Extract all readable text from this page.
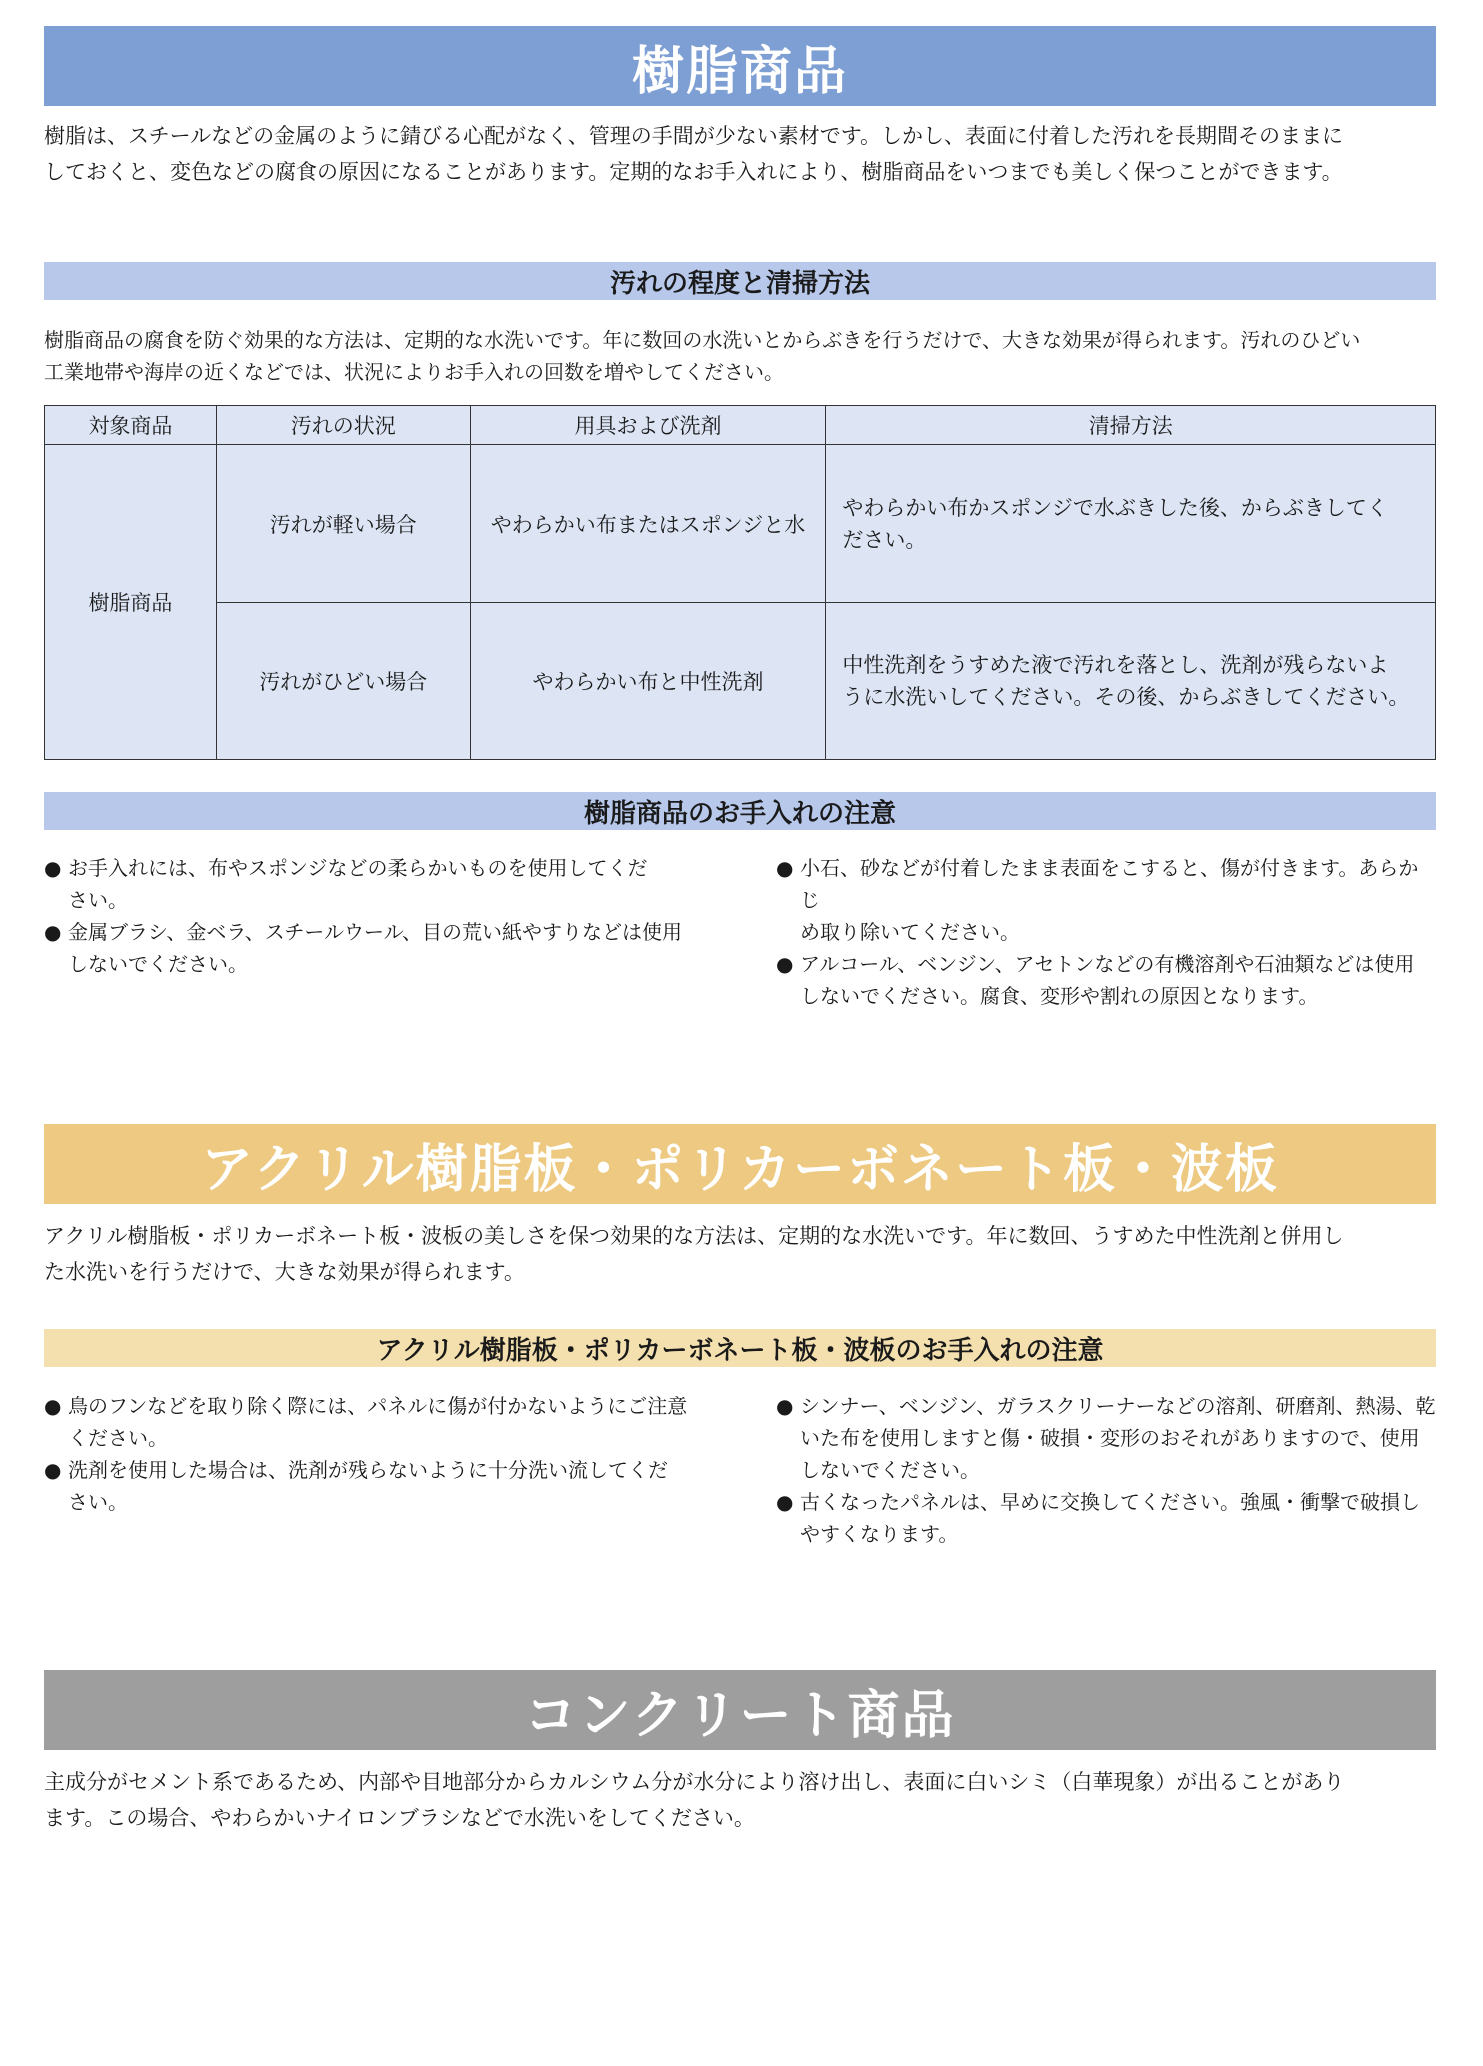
樹脂商品

樹脂は、スチールなどの金属のように錆びる心配がなく、管理の手間が少ない素材です。しかし、表面に付着した汚れを長期間そのままに
しておくと、変色などの腐食の原因になることがあります。定期的なお手入れにより、樹脂商品をいつまでも美しく保つことができます。

汚れの程度と清掃方法

樹脂商品の腐食を防ぐ効果的な方法は、定期的な水洗いです。年に数回の水洗いとからぶきを行うだけで、大きな効果が得られます。汚れのひどい
工業地帯や海岸の近くなどでは、状況によりお手入れの回数を増やしてください。

対象商品	汚れの状況	用具および洗剤	清掃方法
樹脂商品	汚れが軽い場合	やわらかい布またはスポンジと水	やわらかい布かスポンジで水ぶきした後、からぶきしてく
ださい。
	汚れがひどい場合	やわらかい布と中性洗剤	中性洗剤をうすめた液で汚れを落とし、洗剤が残らないよ
うに水洗いしてください。その後、からぶきしてください。
樹脂商品のお手入れの注意
● お手入れには、布やスポンジなどの柔らかいものを使用してくだ
さい。
● 金属ブラシ、金ベラ、スチールウール、目の荒い紙やすりなどは使用
しないでください。
● 小石、砂などが付着したまま表面をこすると、傷が付きます。あらかじ
め取り除いてください。
● アルコール、ベンジン、アセトンなどの有機溶剤や石油類などは使用
しないでください。腐食、変形や割れの原因となります。
アクリル樹脂板・ポリカーボネート板・波板

アクリル樹脂板・ポリカーボネート板・波板の美しさを保つ効果的な方法は、定期的な水洗いです。年に数回、うすめた中性洗剤と併用し
た水洗いを行うだけで、大きな効果が得られます。

アクリル樹脂板・ポリカーボネート板・波板のお手入れの注意
● 鳥のフンなどを取り除く際には、パネルに傷が付かないようにご注意
ください。
● 洗剤を使用した場合は、洗剤が残らないように十分洗い流してくだ
さい。
● シンナー、ベンジン、ガラスクリーナーなどの溶剤、研磨剤、熱湯、乾
いた布を使用しますと傷・破損・変形のおそれがありますので、使用
しないでください。
● 古くなったパネルは、早めに交換してください。強風・衝撃で破損し
やすくなります。
コンクリート商品

主成分がセメント系であるため、内部や目地部分からカルシウム分が水分により溶け出し、表面に白いシミ（白華現象）が出ることがあり
ます。この場合、やわらかいナイロンブラシなどで水洗いをしてください。
